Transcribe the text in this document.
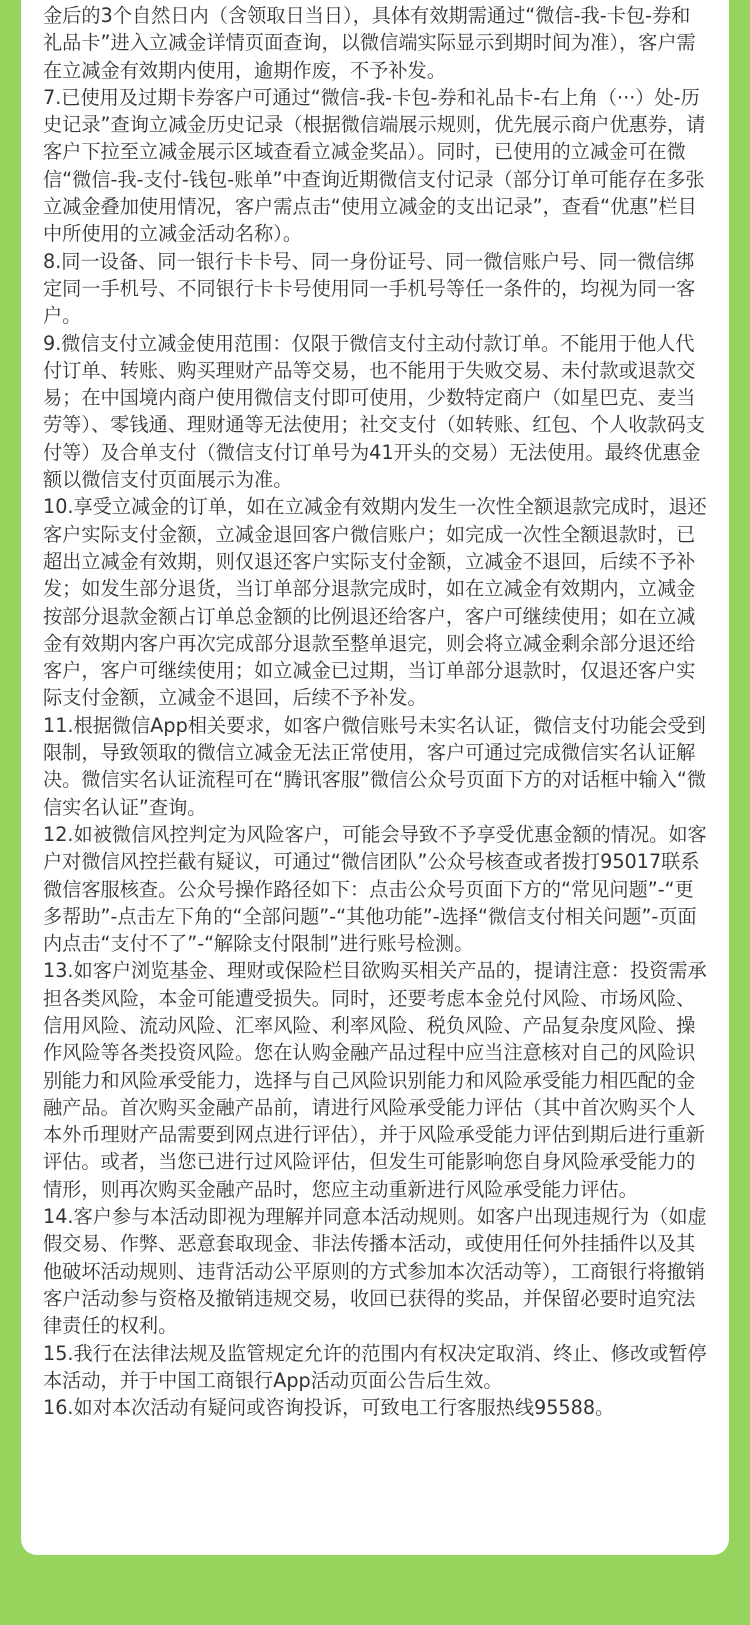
金后的3个自然日内（含领取日当日），具体有效期需通过“微信-我-卡包-券和礼品卡”进入立减金详情页面查询，以微信端实际显示到期时间为准），客户需在立减金有效期内使用，逾期作废，不予补发。

7.已使用及过期卡券客户可通过“微信-我-卡包-券和礼品卡-右上角（···）处-历史记录”查询立减金历史记录（根据微信端展示规则，优先展示商户优惠券，请客户下拉至立减金展示区域查看立减金奖品）。同时，已使用的立减金可在微信“微信-我-支付-钱包-账单”中查询近期微信支付记录（部分订单可能存在多张立减金叠加使用情况，客户需点击“使用立减金的支出记录”，查看“优惠”栏目中所使用的立减金活动名称）。

8.同一设备、同一银行卡卡号、同一身份证号、同一微信账户号、同一微信绑定同一手机号、不同银行卡卡号使用同一手机号等任一条件的，均视为同一客户。

9.微信支付立减金使用范围：仅限于微信支付主动付款订单。不能用于他人代付订单、转账、购买理财产品等交易，也不能用于失败交易、未付款或退款交易；在中国境内商户使用微信支付即可使用，少数特定商户（如星巴克、麦当劳等）、零钱通、理财通等无法使用；社交支付（如转账、红包、个人收款码支付等）及合单支付（微信支付订单号为41开头的交易）无法使用。最终优惠金额以微信支付页面展示为准。

10.享受立减金的订单，如在立减金有效期内发生一次性全额退款完成时，退还客户实际支付金额，立减金退回客户微信账户；如完成一次性全额退款时，已超出立减金有效期，则仅退还客户实际支付金额，立减金不退回，后续不予补发；如发生部分退货，当订单部分退款完成时，如在立减金有效期内，立减金按部分退款金额占订单总金额的比例退还给客户，客户可继续使用；如在立减金有效期内客户再次完成部分退款至整单退完，则会将立减金剩余部分退还给客户，客户可继续使用；如立减金已过期，当订单部分退款时，仅退还客户实际支付金额，立减金不退回，后续不予补发。

11.根据微信App相关要求，如客户微信账号未实名认证，微信支付功能会受到限制，导致领取的微信立减金无法正常使用，客户可通过完成微信实名认证解决。微信实名认证流程可在“腾讯客服”微信公众号页面下方的对话框中输入“微信实名认证”查询。

12.如被微信风控判定为风险客户，可能会导致不予享受优惠金额的情况。如客户对微信风控拦截有疑议，可通过“微信团队”公众号核查或者拨打95017联系微信客服核查。公众号操作路径如下：点击公众号页面下方的“常见问题”-“更多帮助”-点击左下角的“全部问题”-“其他功能”-选择“微信支付相关问题”-页面内点击“支付不了”-“解除支付限制”进行账号检测。

13.如客户浏览基金、理财或保险栏目欲购买相关产品的，提请注意：投资需承担各类风险，本金可能遭受损失。同时，还要考虑本金兑付风险、市场风险、信用风险、流动风险、汇率风险、利率风险、税负风险、产品复杂度风险、操作风险等各类投资风险。您在认购金融产品过程中应当注意核对自己的风险识别能力和风险承受能力，选择与自己风险识别能力和风险承受能力相匹配的金融产品。首次购买金融产品前，请进行风险承受能力评估（其中首次购买个人本外币理财产品需要到网点进行评估），并于风险承受能力评估到期后进行重新评估。或者，当您已进行过风险评估，但发生可能影响您自身风险承受能力的情形，则再次购买金融产品时，您应主动重新进行风险承受能力评估。

14.客户参与本活动即视为理解并同意本活动规则。如客户出现违规行为（如虚假交易、作弊、恶意套取现金、非法传播本活动，或使用任何外挂插件以及其他破坏活动规则、违背活动公平原则的方式参加本次活动等），工商银行将撤销客户活动参与资格及撤销违规交易，收回已获得的奖品，并保留必要时追究法律责任的权利。

15.我行在法律法规及监管规定允许的范围内有权决定取消、终止、修改或暂停本活动，并于中国工商银行App活动页面公告后生效。

16.如对本次活动有疑问或咨询投诉，可致电工行客服热线95588。
